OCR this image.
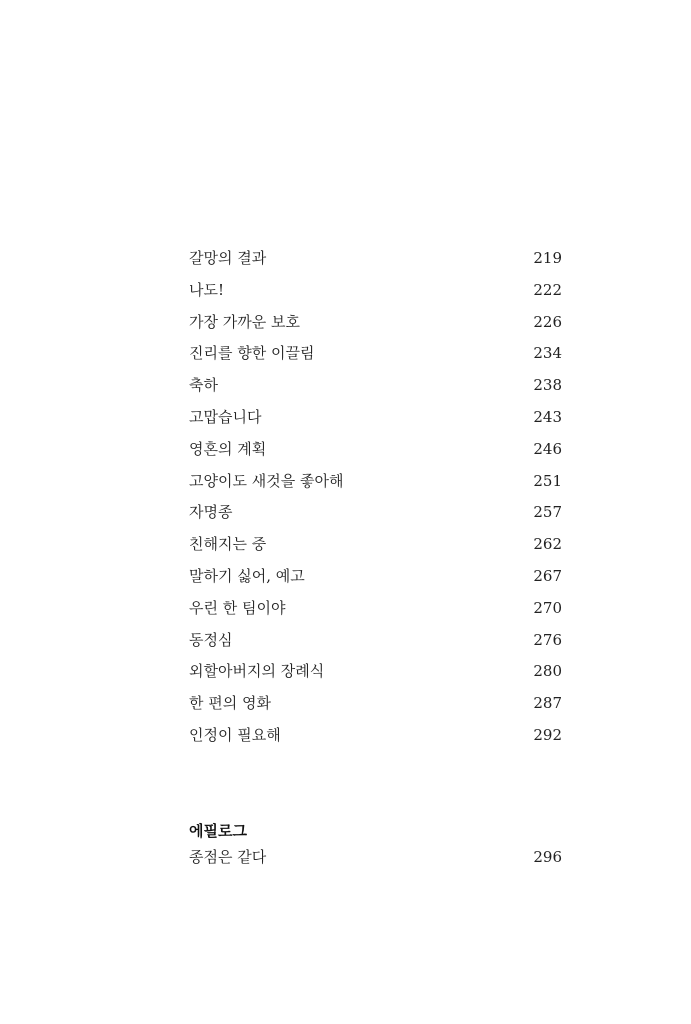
갈망의 결과	219
나도!	222
가장 가까운 보호	226
진리를 향한 이끌림	234
축하	238
고맙습니다	243
영혼의 계획	246
고양이도 새것을 좋아해	251
자명종	257
친해지는 중	262
말하기 싫어, 예고	267
우린 한 팀이야	270
동정심	276
외할아버지의 장례식	280
한 편의 영화	287
인정이 필요해	292
에필로그
종점은 같다	296
